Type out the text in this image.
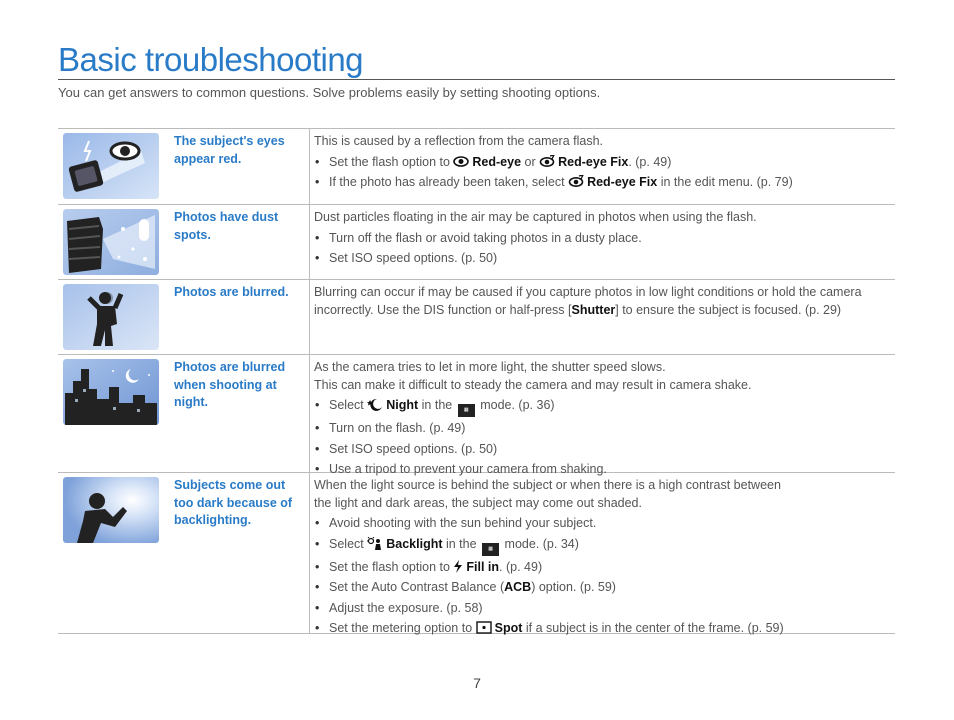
Basic troubleshooting
You can get answers to common questions. Solve problems easily by setting shooting options.
The subject's eyes appear red.

This is caused by a reflection from the camera flash.

• Set the flash option to Red-eye or Red-eye Fix. (p. 49)
• If the photo has already been taken, select Red-eye Fix in the edit menu. (p. 79)
Photos have dust spots.

Dust particles floating in the air may be captured in photos when using the flash.

• Turn off the flash or avoid taking photos in a dusty place.
• Set ISO speed options. (p. 50)
Photos are blurred.	Blurring can occur if may be caused if you capture photos in low light conditions or hold the camera incorrectly. Use the DIS function or half-press [Shutter] to ensure the subject is focused. (p. 29)

Photos are blurred when shooting at night.

As the camera tries to let in more light, the shutter speed slows.

This can make it difficult to steady the camera and may result in camera shake.

• Select Night in the ▦ mode. (p. 36)
• Turn on the flash. (p. 49)
• Set ISO speed options. (p. 50)
• Use a tripod to prevent your camera from shaking.
Subjects come out too dark because of backlighting.

When the light source is behind the subject or when there is a high contrast between

the light and dark areas, the subject may come out shaded.

• Avoid shooting with the sun behind your subject.
• Select Backlight in the ▦ mode. (p. 34)
• Set the flash option to Fill in. (p. 49)
• Set the Auto Contrast Balance (ACB) option. (p. 59)
• Adjust the exposure. (p. 58)
• Set the metering option to Spot if a subject is in the center of the frame. (p. 59)
7
